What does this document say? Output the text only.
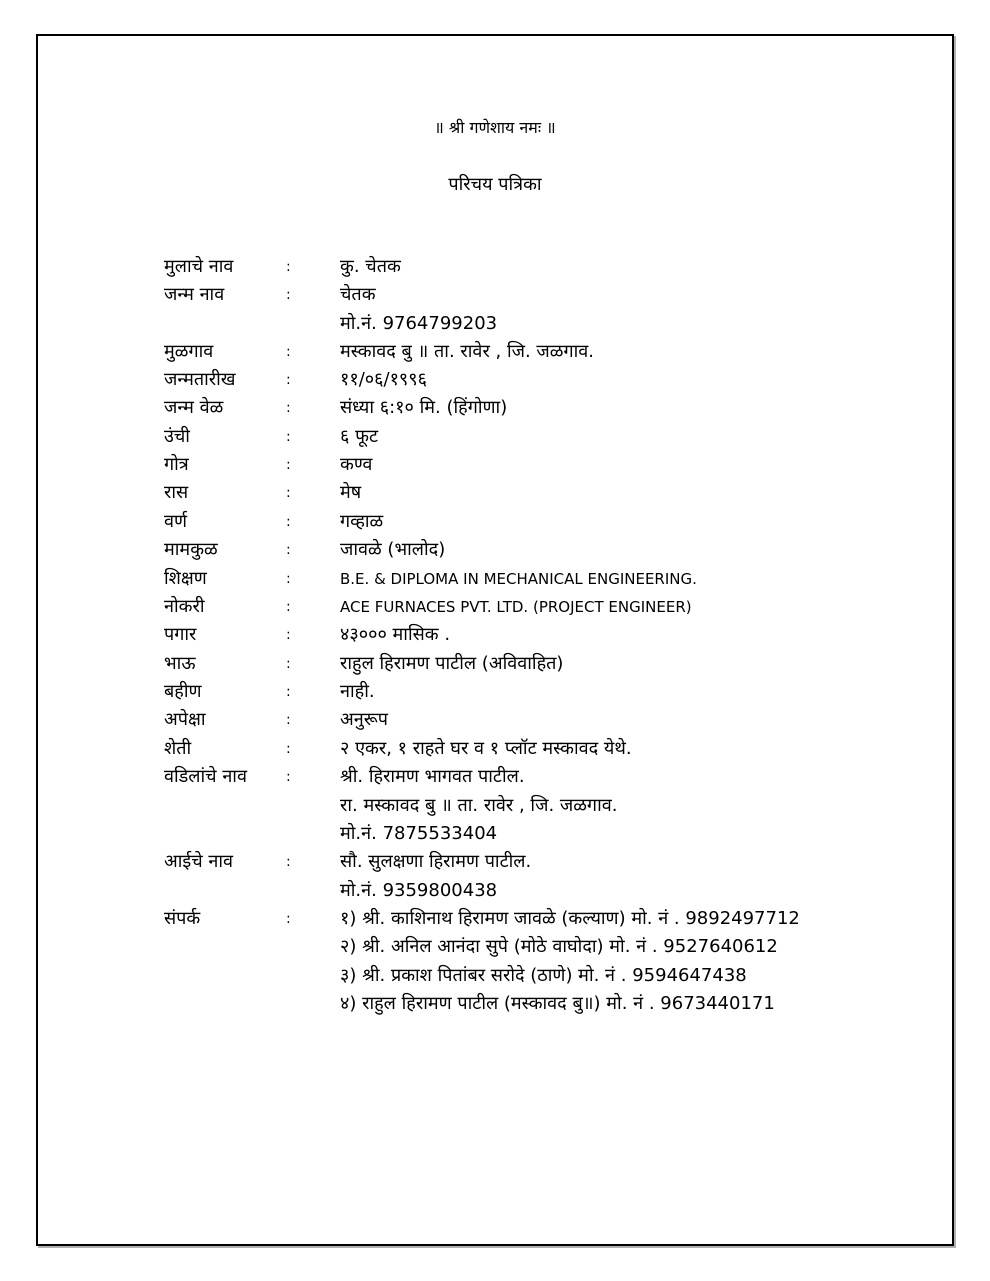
॥ श्री गणेशाय नमः ॥
परिचय पत्रिका
मुलाचे नाव	:	कु. चेतक
जन्म नाव	:	चेतक
मो.नं. 9764799203
मुळगाव	:	मस्कावद बु ॥ ता. रावेर , जि. जळगाव.
जन्मतारीख	:	११/०६/१९९६
जन्म वेळ	:	संध्या ६:१० मि. (हिंगोणा)
उंची	:	६ फूट
गोत्र	:	कण्व
रास	:	मेष
वर्ण	:	गव्हाळ
मामकुळ	:	जावळे (भालोद)
शिक्षण	:	B.E. & DIPLOMA IN MECHANICAL ENGINEERING.
नोकरी	:	ACE FURNACES PVT. LTD. (PROJECT ENGINEER)
पगार	:	४३००० मासिक .
भाऊ	:	राहुल हिरामण पाटील (अविवाहित)
बहीण	:	नाही.
अपेक्षा	:	अनुरूप
शेती	:	२ एकर, १ राहते घर व १ प्लॉट मस्कावद येथे.
वडिलांचे नाव	:	श्री. हिरामण भागवत पाटील.
रा. मस्कावद बु ॥ ता. रावेर , जि. जळगाव.
मो.नं. 7875533404
आईचे नाव	:	सौ. सुलक्षणा हिरामण पाटील.
मो.नं. 9359800438
संपर्क	:	१) श्री. काशिनाथ हिरामण जावळे (कल्याण) मो. नं . 9892497712
२) श्री. अनिल आनंदा सुपे (मोठे वाघोदा) मो. नं . 9527640612
३) श्री. प्रकाश पितांबर सरोदे (ठाणे) मो. नं . 9594647438
४) राहुल हिरामण पाटील (मस्कावद बु॥) मो. नं . 9673440171
